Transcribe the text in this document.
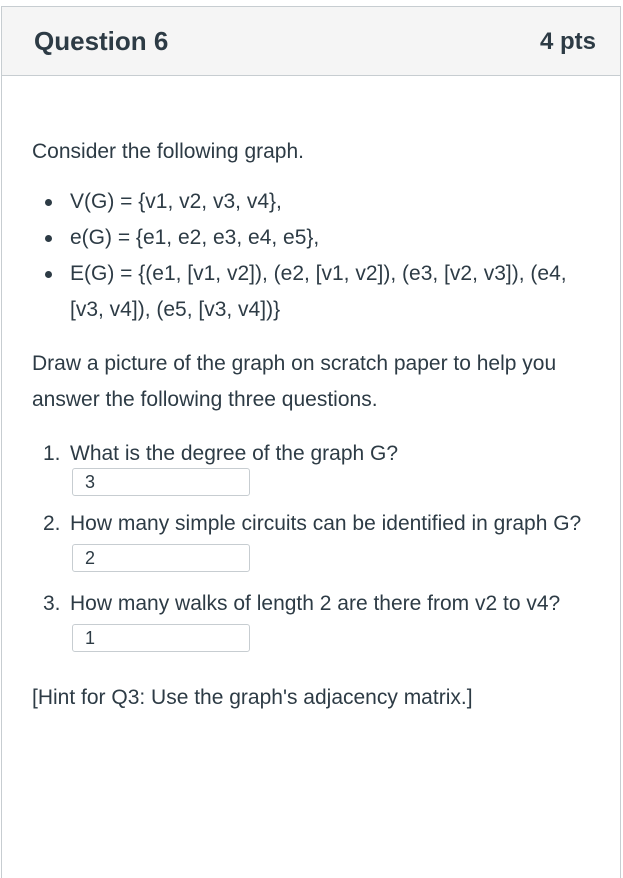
Question 6	4 pts

Consider the following graph.

V(G) = {v1, v2, v3, v4},
e(G) = {e1, e2, e3, e4, e5},
E(G) = {(e1, [v1, v2]), (e2, [v1, v2]), (e3, [v2, v3]), (e4, [v3, v4]), (e5, [v3, v4])}

Draw a picture of the graph on scratch paper to help you answer the following three questions.

1. What is the degree of the graph G?
3
2. How many simple circuits can be identified in graph G? 2
3. How many walks of length 2 are there from v2 to v4? 1

[Hint for Q3: Use the graph's adjacency matrix.]
